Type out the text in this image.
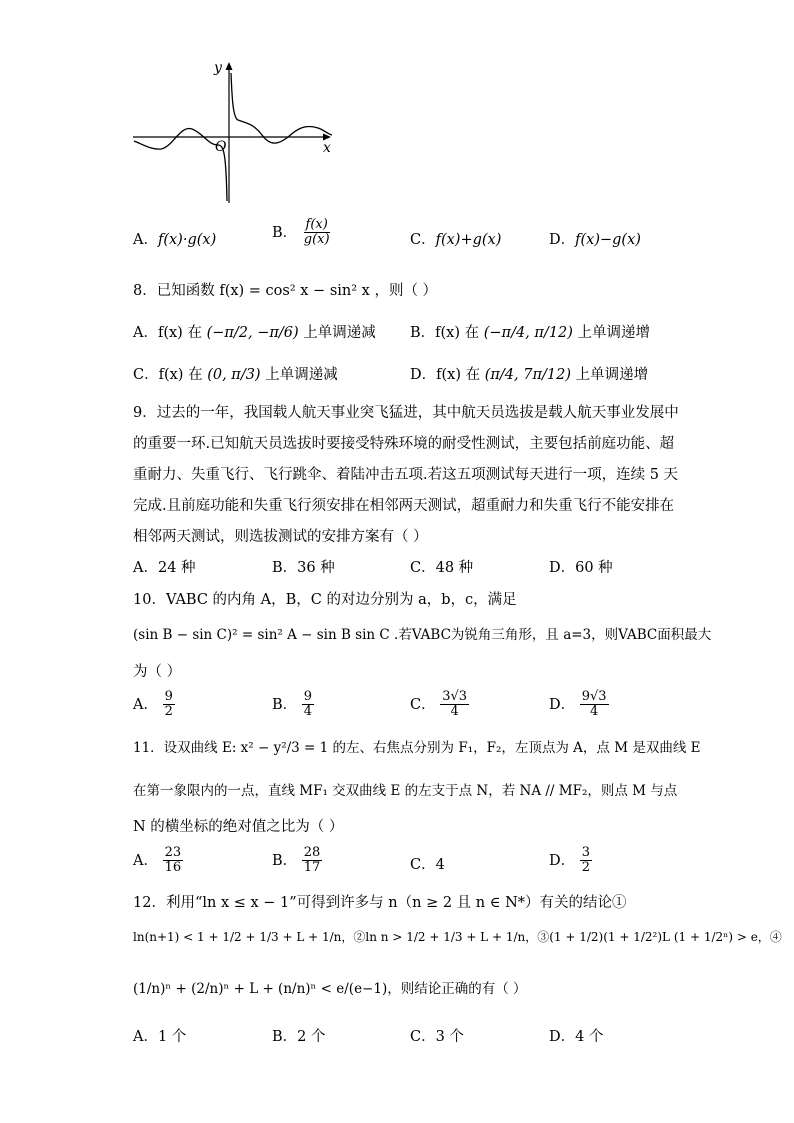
y
x
O
A．f(x)·g(x)	B． $\frac{f(x)}{g(x)}$	C．f(x)+g(x)	D．f(x)−g(x)
8．已知函数 f(x) = cos² x − sin² x ，则（ ）
A．f(x) 在 (−π/2, −π/6) 上单调递减 B．f(x) 在 (−π/4, π/12) 上单调递增
C．f(x) 在 (0, π/3) 上单调递减	D．f(x) 在 (π/4, 7π/12) 上单调递增
9．过去的一年，我国载人航天事业突飞猛进，其中航天员选拔是载人航天事业发展中
的重要一环.已知航天员选拔时要接受特殊环境的耐受性测试，主要包括前庭功能、超
重耐力、失重飞行、飞行跳伞、着陆冲击五项.若这五项测试每天进行一项，连续 5 天
完成.且前庭功能和失重飞行须安排在相邻两天测试，超重耐力和失重飞行不能安排在
相邻两天测试，则选拔测试的安排方案有（ ）
A．24 种	B．36 种	C．48 种	D．60 种
10．VABC 的内角 A，B，C 的对边分别为 a，b，c，满足
(sin B − sin C)² = sin² A − sin B sin C .若VABC为锐角三角形，且 a=3，则VABC面积最大
为（ ）
A． $\frac{9}{2}$	B． $\frac{9}{4}$	C． $\frac{3√3}{4}$	D． $\frac{9√3}{4}$
11．设双曲线 E: x² − y²/3 = 1 的左、右焦点分别为 F₁，F₂，左顶点为 A，点 M 是双曲线 E
在第一象限内的一点，直线 MF₁ 交双曲线 E 的左支于点 N，若 NA // MF₂，则点 M 与点
N 的横坐标的绝对值之比为（ ）
A． $\frac{23}{16}$	B． $\frac{28}{17}$	C．4	D． $\frac{3}{2}$
12．利用“ln x ≤ x − 1”可得到许多与 n（n ≥ 2 且 n ∈ N*）有关的结论①
ln(n+1) < 1 + 1/2 + 1/3 + L + 1/n，②ln n > 1/2 + 1/3 + L + 1/n，③(1 + 1/2)(1 + 1/2²)L (1 + 1/2ⁿ) > e，④
(1/n)ⁿ + (2/n)ⁿ + L + (n/n)ⁿ < e/(e−1)，则结论正确的有（ ）
A．1 个	B．2 个	C．3 个	D．4 个
